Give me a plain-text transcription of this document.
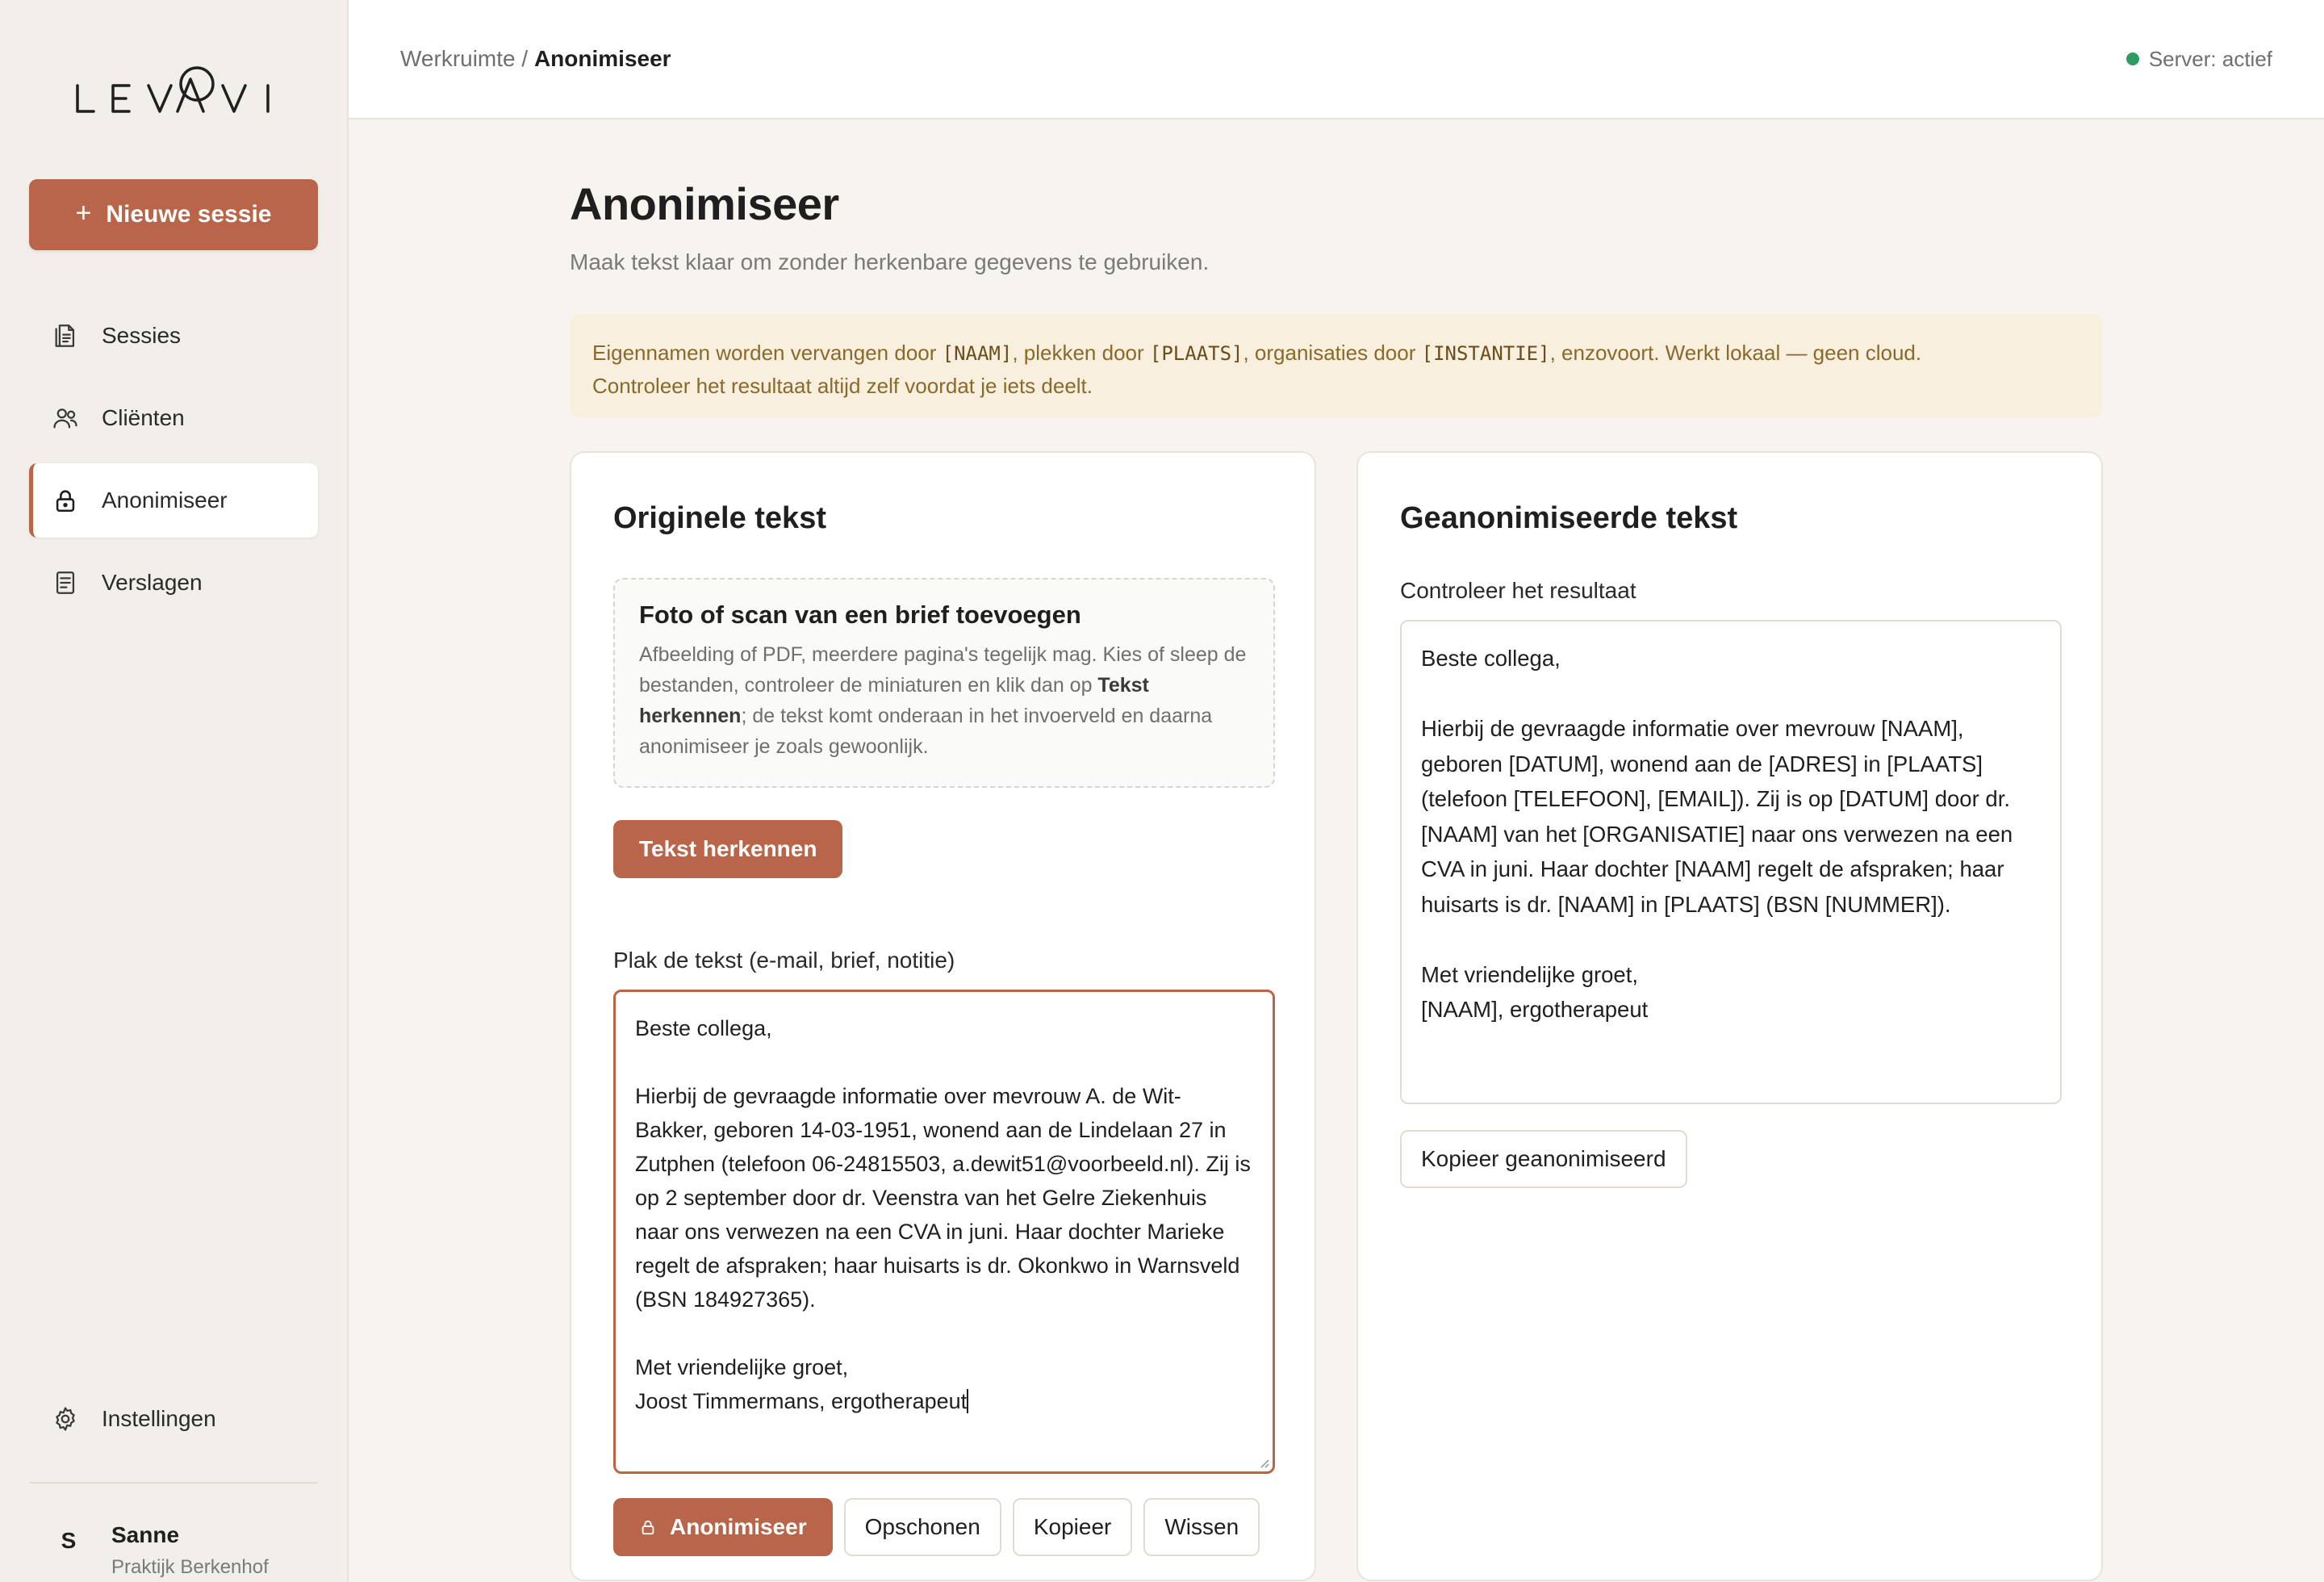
+ Nieuwe sessie
Sessies
Cliënten
Anonimiseer
Verslagen
Instellingen
S	Sanne
Praktijk Berkenhof
Werkruimte / Anonimiseer	Server: actief
Anonimiseer

Maak tekst klaar om zonder herkenbare gegevens te gebruiken.

Eigennamen worden vervangen door [NAAM], plekken door [PLAATS], organisaties door [INSTANTIE], enzovoort. Werkt lokaal — geen cloud.
Controleer het resultaat altijd zelf voordat je iets deelt.
Originele tekst
Foto of scan van een brief toevoegen
Afbeelding of PDF, meerdere pagina's tegelijk mag. Kies of sleep de bestanden, controleer de miniaturen en klik dan op Tekst herkennen; de tekst komt onderaan in het invoerveld en daarna anonimiseer je zoals gewoonlijk.
Tekst herkennen
Plak de tekst (e-mail, brief, notitie)
Beste collega,

Hierbij de gevraagde informatie over mevrouw A. de Wit-Bakker, geboren 14-03-1951, wonend aan de Lindelaan 27 in Zutphen (telefoon 06-24815503, a.dewit51@voorbeeld.nl). Zij is op 2 september door dr. Veenstra van het Gelre Ziekenhuis naar ons verwezen na een CVA in juni. Haar dochter Marieke regelt de afspraken; haar huisarts is dr. Okonkwo in Warnsveld (BSN 184927365).

Met vriendelijke groet,
Joost Timmermans, ergotherapeut

Anonimiseer	Opschonen	Kopieer	Wissen
Geanonimiseerde tekst
Controleer het resultaat
Beste collega,

Hierbij de gevraagde informatie over mevrouw [NAAM], geboren [DATUM], wonend aan de [ADRES] in [PLAATS] (telefoon [TELEFOON], [EMAIL]). Zij is op [DATUM] door dr. [NAAM] van het [ORGANISATIE] naar ons verwezen na een CVA in juni. Haar dochter [NAAM] regelt de afspraken; haar huisarts is dr. [NAAM] in [PLAATS] (BSN [NUMMER]).

Met vriendelijke groet,
[NAAM], ergotherapeut
Kopieer geanonimiseerd
